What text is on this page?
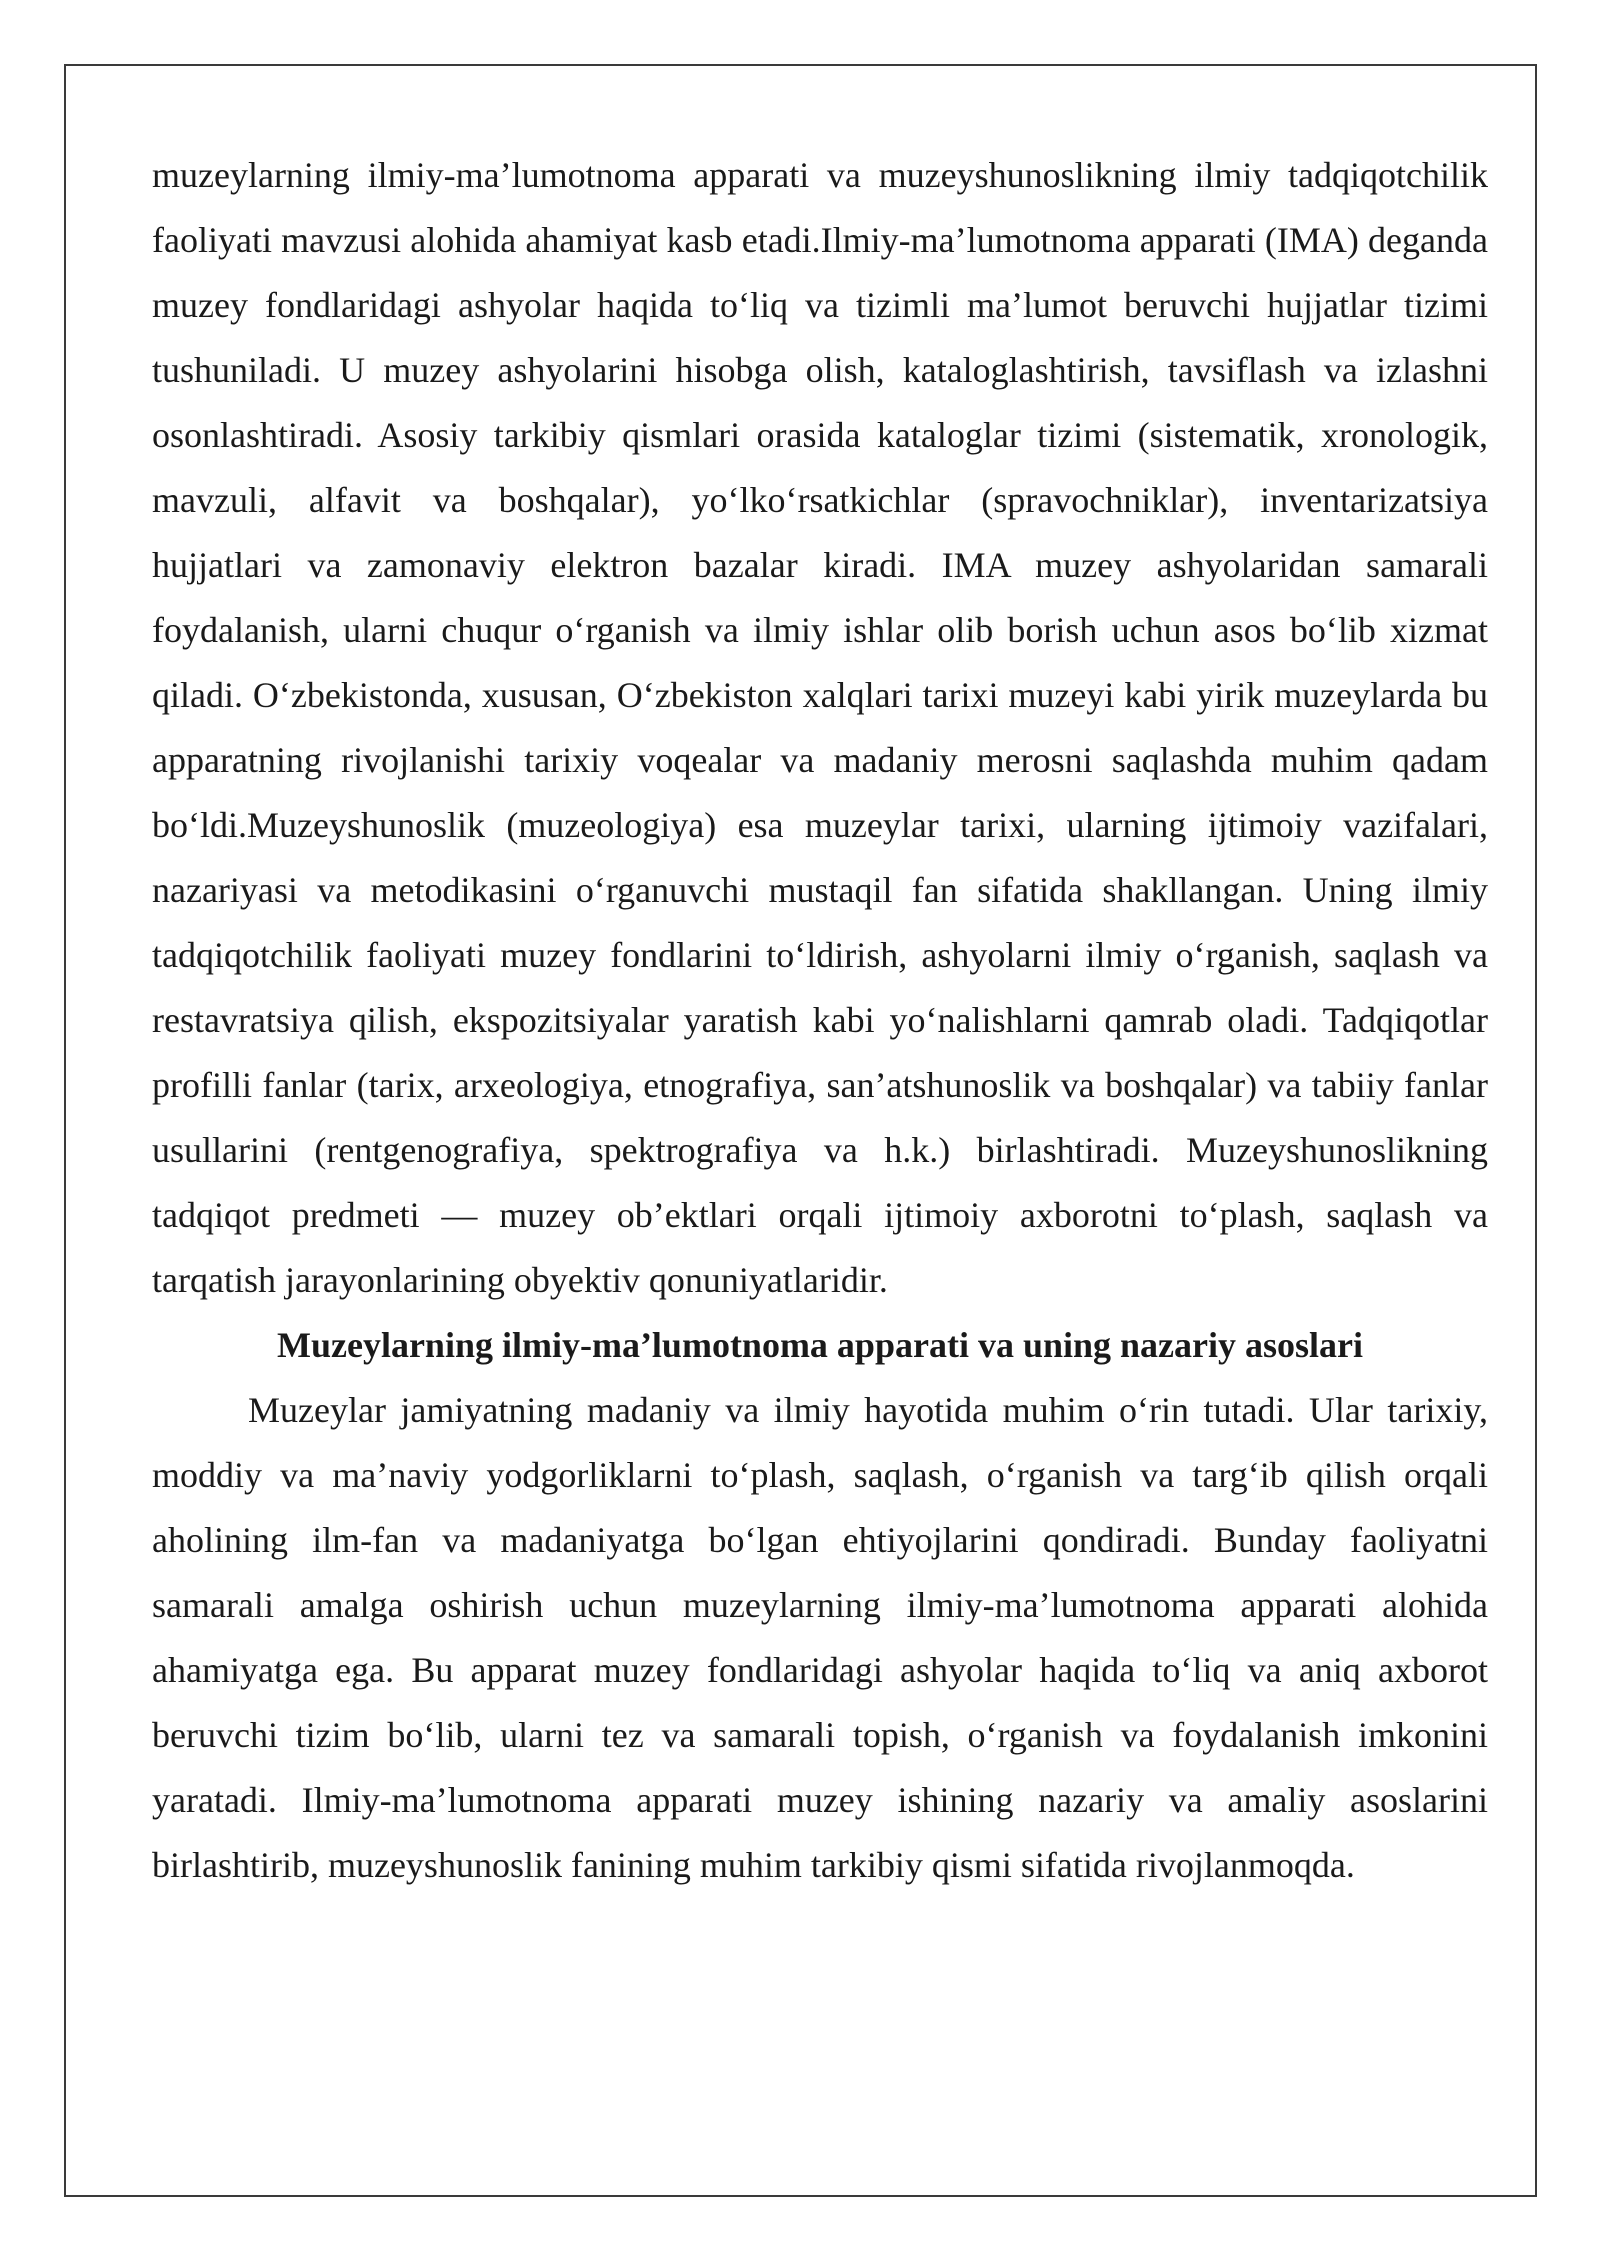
muzeylarning ilmiy-ma’lumotnoma apparati va muzeyshunoslikning ilmiy tadqiqotchilik faoliyati mavzusi alohida ahamiyat kasb etadi.Ilmiy-ma’lumotnoma apparati (IMA) deganda muzey fondlaridagi ashyolar haqida to‘liq va tizimli ma’lumot beruvchi hujjatlar tizimi tushuniladi. U muzey ashyolarini hisobga olish, kataloglashtirish, tavsiflash va izlashni osonlashtiradi. Asosiy tarkibiy qismlari orasida kataloglar tizimi (sistematik, xronologik, mavzuli, alfavit va boshqalar), yo‘lko‘rsatkichlar (spravochniklar), inventarizatsiya hujjatlari va zamonaviy elektron bazalar kiradi. IMA muzey ashyolaridan samarali foydalanish, ularni chuqur o‘rganish va ilmiy ishlar olib borish uchun asos bo‘lib xizmat qiladi. O‘zbekistonda, xususan, O‘zbekiston xalqlari tarixi muzeyi kabi yirik muzeylarda bu apparatning rivojlanishi tarixiy voqealar va madaniy merosni saqlashda muhim qadam bo‘ldi.Muzeyshunoslik (muzeologiya) esa muzeylar tarixi, ularning ijtimoiy vazifalari, nazariyasi va metodikasini o‘rganuvchi mustaqil fan sifatida shakllangan. Uning ilmiy tadqiqotchilik faoliyati muzey fondlarini to‘ldirish, ashyolarni ilmiy o‘rganish, saqlash va restavratsiya qilish, ekspozitsiyalar yaratish kabi yo‘nalishlarni qamrab oladi. Tadqiqotlar profilli fanlar (tarix, arxeologiya, etnografiya, san’atshunoslik va boshqalar) va tabiiy fanlar usullarini (rentgenografiya, spektrografiya va h.k.) birlashtiradi. Muzeyshunoslikning tadqiqot predmeti — muzey ob’ektlari orqali ijtimoiy axborotni to‘plash, saqlash va tarqatish jarayonlarining obyektiv qonuniyatlaridir.

Muzeylarning ilmiy-ma’lumotnoma apparati va uning nazariy asoslari

Muzeylar jamiyatning madaniy va ilmiy hayotida muhim o‘rin tutadi. Ular tarixiy, moddiy va ma’naviy yodgorliklarni to‘plash, saqlash, o‘rganish va targ‘ib qilish orqali aholining ilm-fan va madaniyatga bo‘lgan ehtiyojlarini qondiradi. Bunday faoliyatni samarali amalga oshirish uchun muzeylarning ilmiy-ma’lumotnoma apparati alohida ahamiyatga ega. Bu apparat muzey fondlaridagi ashyolar haqida to‘liq va aniq axborot beruvchi tizim bo‘lib, ularni tez va samarali topish, o‘rganish va foydalanish imkonini yaratadi. Ilmiy-ma’lumotnoma apparati muzey ishining nazariy va amaliy asoslarini birlashtirib, muzeyshunoslik fanining muhim tarkibiy qismi sifatida rivojlanmoqda.
